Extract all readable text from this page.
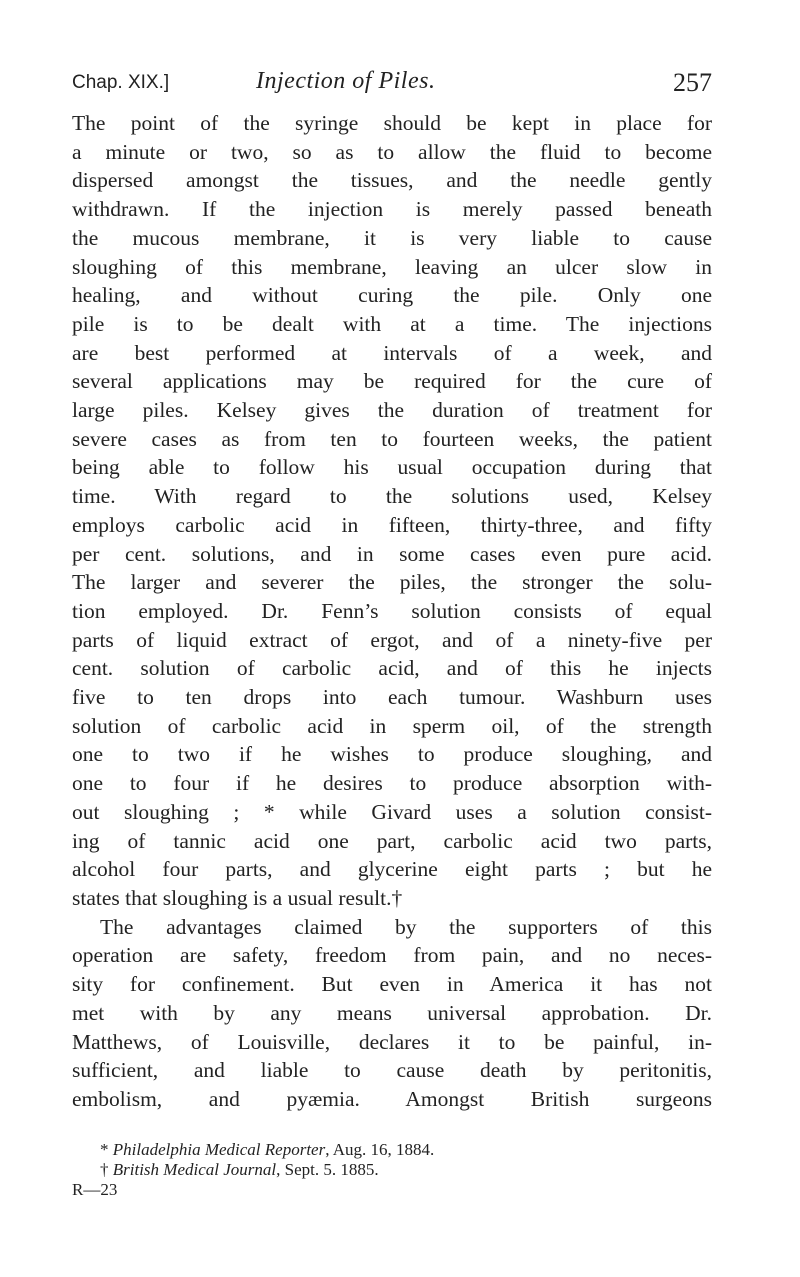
Chap. XIX.]	Injection of Piles.	257
The point of the syringe should be kept in place for
a minute or two, so as to allow the fluid to become
dispersed amongst the tissues, and the needle gently
withdrawn. If the injection is merely passed beneath
the mucous membrane, it is very liable to cause
sloughing of this membrane, leaving an ulcer slow in
healing, and without curing the pile. Only one
pile is to be dealt with at a time. The injections
are best performed at intervals of a week, and
several applications may be required for the cure of
large piles. Kelsey gives the duration of treatment for
severe cases as from ten to fourteen weeks, the patient
being able to follow his usual occupation during that
time. With regard to the solutions used, Kelsey
employs carbolic acid in fifteen, thirty-three, and fifty
per cent. solutions, and in some cases even pure acid.
The larger and severer the piles, the stronger the solu-
tion employed. Dr. Fenn’s solution consists of equal
parts of liquid extract of ergot, and of a ninety-five per
cent. solution of carbolic acid, and of this he injects
five to ten drops into each tumour. Washburn uses
solution of carbolic acid in sperm oil, of the strength
one to two if he wishes to produce sloughing, and
one to four if he desires to produce absorption with-
out sloughing ; * while Givard uses a solution consist-
ing of tannic acid one part, carbolic acid two parts,
alcohol four parts, and glycerine eight parts ; but he
states that sloughing is a usual result.†
The advantages claimed by the supporters of this
operation are safety, freedom from pain, and no neces-
sity for confinement. But even in America it has not
met with by any means universal approbation. Dr.
Matthews, of Louisville, declares it to be painful, in-
sufficient, and liable to cause death by peritonitis,
embolism, and pyæmia. Amongst British surgeons
* Philadelphia Medical Reporter, Aug. 16, 1884.
† British Medical Journal, Sept. 5. 1885.
R—23
